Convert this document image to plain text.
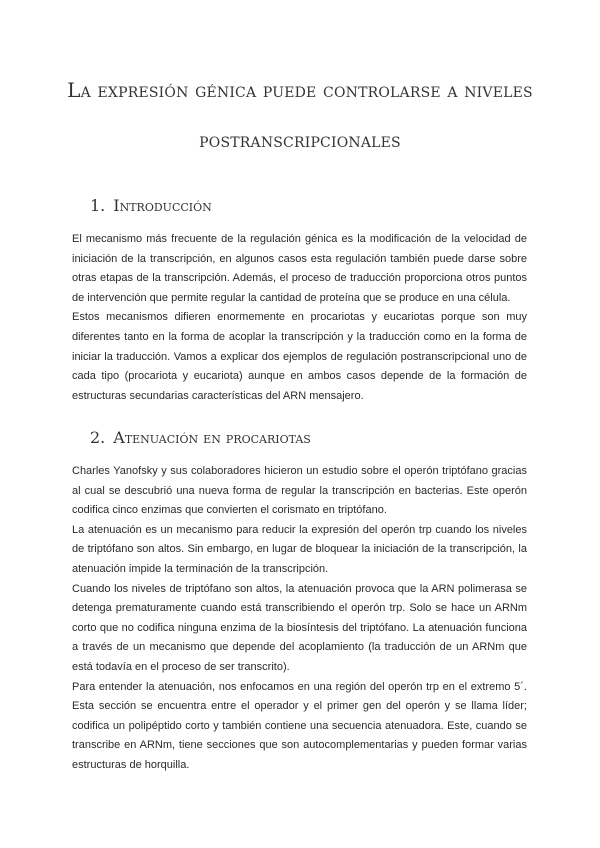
La expresión génica puede controlarse a niveles
postranscripcionales
1. Introducción
El mecanismo más frecuente de la regulación génica es la modificación de la velocidad de iniciación de la transcripción, en algunos casos esta regulación también puede darse sobre otras etapas de la transcripción. Además, el proceso de traducción proporciona otros puntos de intervención que permite regular la cantidad de proteína que se produce en una célula.
Estos mecanismos difieren enormemente en procariotas y eucariotas porque son muy diferentes tanto en la forma de acoplar la transcripción y la traducción como en la forma de iniciar la traducción. Vamos a explicar dos ejemplos de regulación postranscripcional uno de cada tipo (procariota y eucariota) aunque en ambos casos depende de la formación de estructuras secundarias características del ARN mensajero.
2. Atenuación en procariotas
Charles Yanofsky y sus colaboradores hicieron un estudio sobre el operón triptófano gracias al cual se descubrió una nueva forma de regular la transcripción en bacterias. Este operón codifica cinco enzimas que convierten el corismato en triptófano.
La atenuación es un mecanismo para reducir la expresión del operón trp cuando los niveles de triptófano son altos. Sin embargo, en lugar de bloquear la iniciación de la transcripción, la atenuación impide la terminación de la transcripción.
Cuando los niveles de triptófano son altos, la atenuación provoca que la ARN polimerasa se detenga prematuramente cuando está transcribiendo el operón trp. Solo se hace un ARNm corto que no codifica ninguna enzima de la biosíntesis del triptófano. La atenuación funciona a través de un mecanismo que depende del acoplamiento (la traducción de un ARNm que está todavía en el proceso de ser transcrito).
Para entender la atenuación, nos enfocamos en una región del operón trp en el extremo 5´. Esta sección se encuentra entre el operador y el primer gen del operón y se llama líder; codifica un polipéptido corto y también contiene una secuencia atenuadora. Este, cuando se transcribe en ARNm, tiene secciones que son autocomplementarias y pueden formar varias estructuras de horquilla.
